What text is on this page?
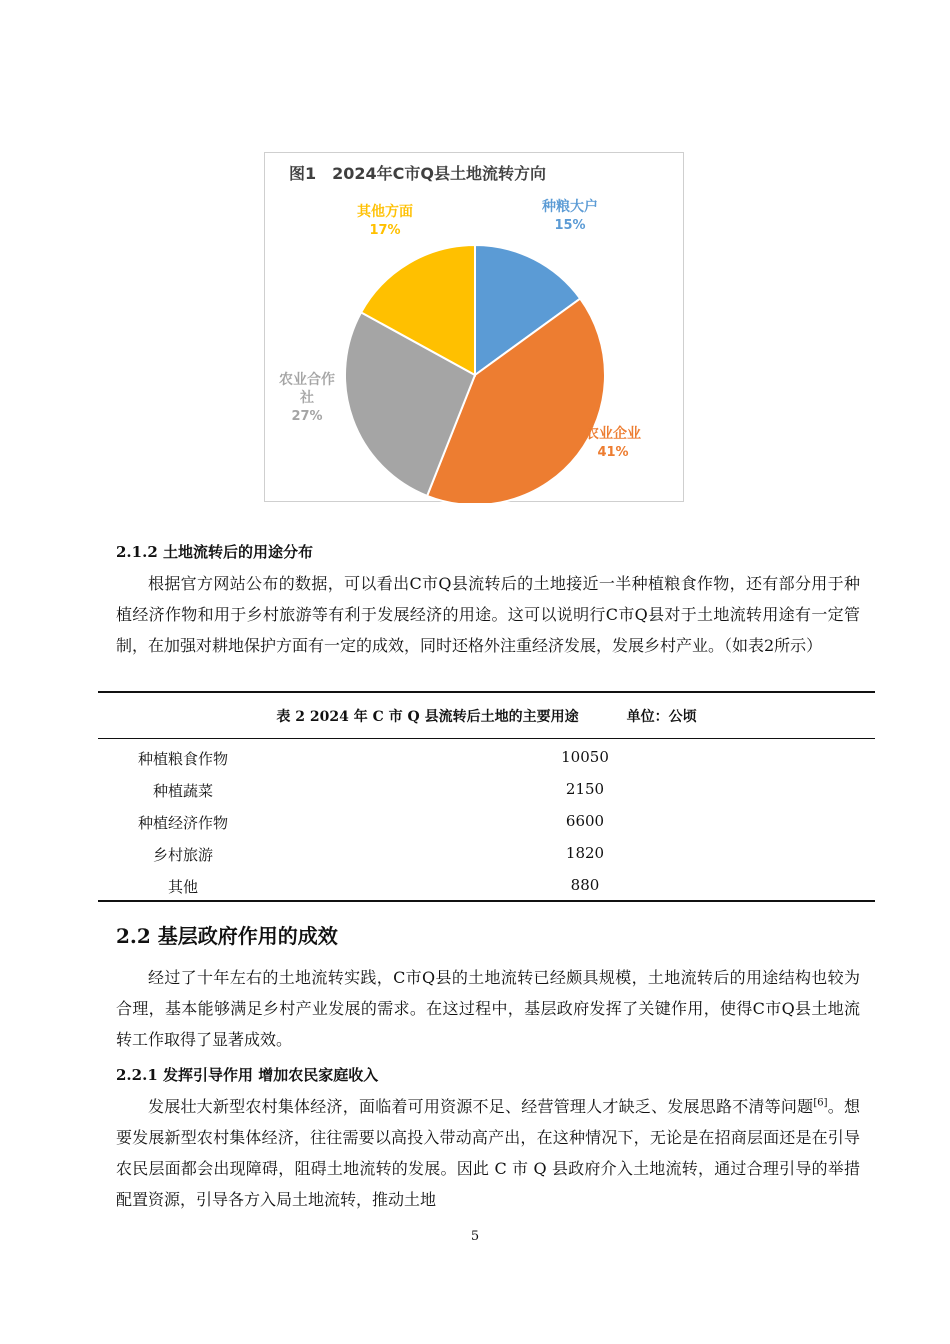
图1　2024年C市Q县土地流转方向
种粮大户
15%
农业企业
41%
农业合作
社
27%
其他方面
17%
2.1.2 土地流转后的用途分布

根据官方网站公布的数据，可以看出C市Q县流转后的土地接近一半种植粮食作物，还有部分用于种植经济作物和用于乡村旅游等有利于发展经济的用途。这可以说明行C市Q县对于土地流转用途有一定管制，在加强对耕地保护方面有一定的成效，同时还格外注重经济发展，发展乡村产业。（如表2所示）

表 2 2024 年 C 市 Q 县流转后土地的主要用途	单位：公顷
种植粮食作物	10050
种植蔬菜	2150
种植经济作物	6600
乡村旅游	1820
其他	880
2.2 基层政府作用的成效

经过了十年左右的土地流转实践，C市Q县的土地流转已经颇具规模，土地流转后的用途结构也较为合理，基本能够满足乡村产业发展的需求。在这过程中，基层政府发挥了关键作用，使得C市Q县土地流转工作取得了显著成效。

2.2.1 发挥引导作用 增加农民家庭收入

发展壮大新型农村集体经济，面临着可用资源不足、经营管理人才缺乏、发展思路不清等问题[6]。想要发展新型农村集体经济，往往需要以高投入带动高产出，在这种情况下，无论是在招商层面还是在引导农民层面都会出现障碍，阻碍土地流转的发展。因此 C 市 Q 县政府介入土地流转，通过合理引导的举措配置资源，引导各方入局土地流转，推动土地

5
